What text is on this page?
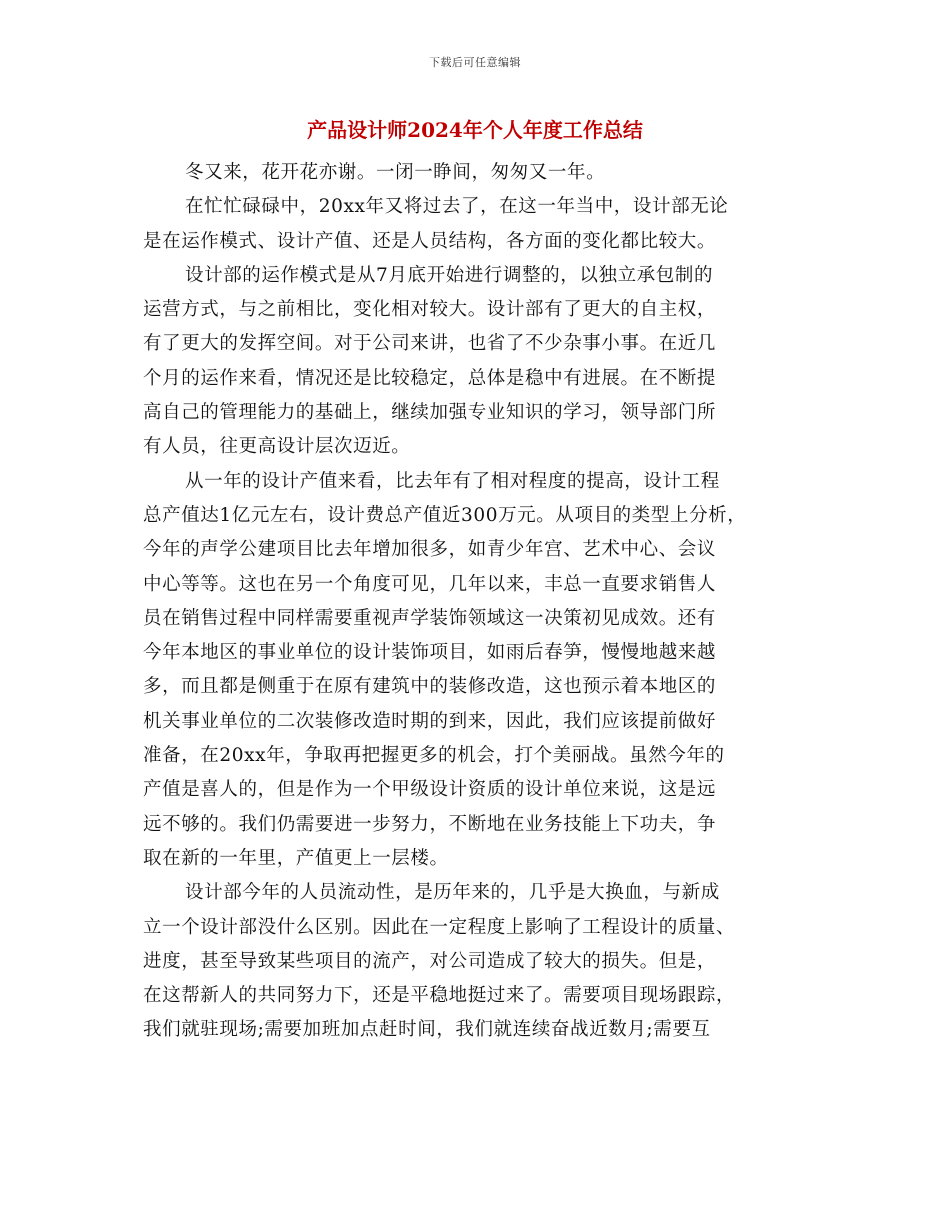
下载后可任意编辑
产品设计师2024年个人年度工作总结
冬又来，花开花亦谢。一闭一睁间，匆匆又一年。
在忙忙碌碌中，20xx年又将过去了，在这一年当中，设计部无论
是在运作模式、设计产值、还是人员结构，各方面的变化都比较大。
设计部的运作模式是从7月底开始进行调整的，以独立承包制的
运营方式，与之前相比，变化相对较大。设计部有了更大的自主权，
有了更大的发挥空间。对于公司来讲，也省了不少杂事小事。在近几
个月的运作来看，情况还是比较稳定，总体是稳中有进展。在不断提
高自己的管理能力的基础上，继续加强专业知识的学习，领导部门所
有人员，往更高设计层次迈近。
从一年的设计产值来看，比去年有了相对程度的提高，设计工程
总产值达1亿元左右，设计费总产值近300万元。从项目的类型上分析，
今年的声学公建项目比去年增加很多，如青少年宫、艺术中心、会议
中心等等。这也在另一个角度可见，几年以来，丰总一直要求销售人
员在销售过程中同样需要重视声学装饰领域这一决策初见成效。还有
今年本地区的事业单位的设计装饰项目，如雨后春笋，慢慢地越来越
多，而且都是侧重于在原有建筑中的装修改造，这也预示着本地区的
机关事业单位的二次装修改造时期的到来，因此，我们应该提前做好
准备，在20xx年，争取再把握更多的机会，打个美丽战。虽然今年的
产值是喜人的，但是作为一个甲级设计资质的设计单位来说，这是远
远不够的。我们仍需要进一步努力，不断地在业务技能上下功夫，争
取在新的一年里，产值更上一层楼。
设计部今年的人员流动性，是历年来的，几乎是大换血，与新成
立一个设计部没什么区别。因此在一定程度上影响了工程设计的质量、
进度，甚至导致某些项目的流产，对公司造成了较大的损失。但是，
在这帮新人的共同努力下，还是平稳地挺过来了。需要项目现场跟踪，
我们就驻现场;需要加班加点赶时间，我们就连续奋战近数月;需要互
